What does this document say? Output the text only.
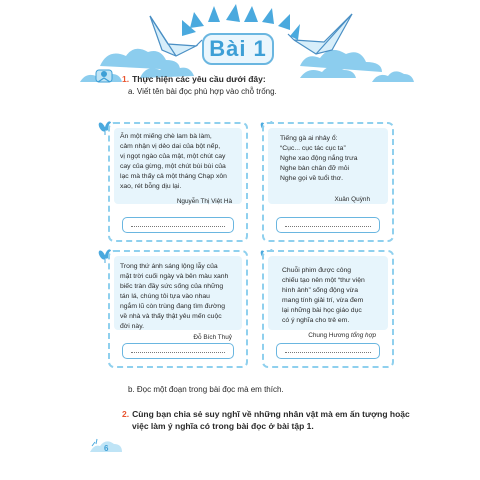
Bài 1
1. Thực hiện các yêu cầu dưới đây:
a. Viết tên bài đọc phù hợp vào chỗ trống.
Ăn một miếng chè lam bà làm,
cảm nhận vị dẻo dai của bột nếp,
vị ngọt ngào của mật, một chút cay
cay của gừng, một chút bùi bùi của
lạc mà thấy cả một tháng Chạp xôn
xao, rét bỗng dịu lại.
Nguyễn Thị Việt Hà
Tiếng gà ai nhảy ổ:
“Cục... cục tác cục ta”
Nghe xao động nắng trưa
Nghe bàn chân đỡ mỏi
Nghe gọi về tuổi thơ.
Xuân Quỳnh
Trong thứ ánh sáng lộng lẫy của
mặt trời cuối ngày và bên màu xanh
biếc tràn đầy sức sống của những
tán lá, chúng tôi tựa vào nhau
ngắm lũ còn trùng đang tìm đường
về nhà và thấy thật yêu mến cuộc
đời này.
Đỗ Bích Thuỷ
Chuỗi phim được công
chiếu tạo nên một “thư viện
hình ảnh” sống động vừa
mang tính giải trí, vừa đem
lại những bài học giáo dục
có ý nghĩa cho trẻ em.
Chung Hương tổng hợp
b. Đọc một đoạn trong bài đọc mà em thích.
2. Cùng bạn chia sẻ suy nghĩ về những nhân vật mà em ấn tượng hoặc
việc làm ý nghĩa có trong bài đọc ở bài tập 1.
6
